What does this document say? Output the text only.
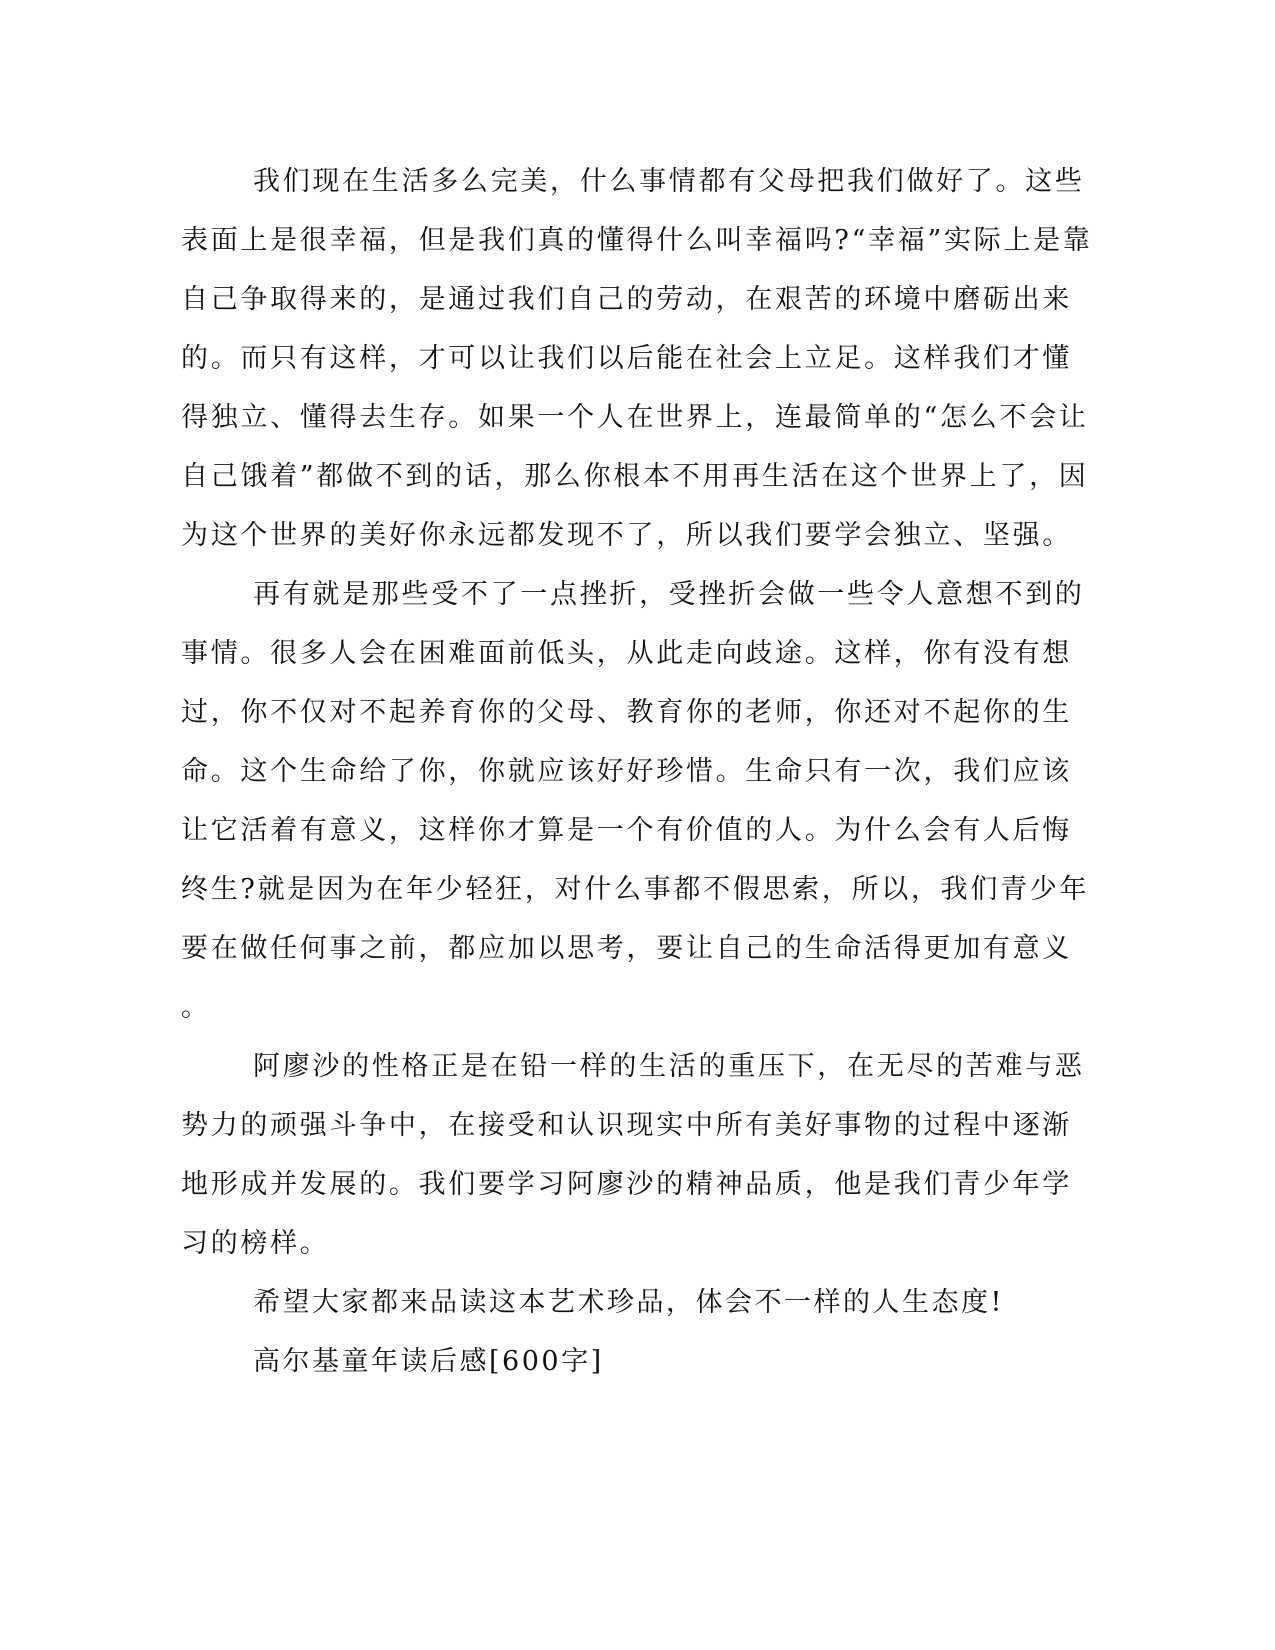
我们现在生活多么完美，什么事情都有父母把我们做好了。这些
表面上是很幸福，但是我们真的懂得什么叫幸福吗?“幸福”实际上是靠
自己争取得来的，是通过我们自己的劳动，在艰苦的环境中磨砺出来
的。而只有这样，才可以让我们以后能在社会上立足。这样我们才懂
得独立、懂得去生存。如果一个人在世界上，连最简单的“怎么不会让
自己饿着”都做不到的话，那么你根本不用再生活在这个世界上了，因
为这个世界的美好你永远都发现不了，所以我们要学会独立、坚强。
再有就是那些受不了一点挫折，受挫折会做一些令人意想不到的
事情。很多人会在困难面前低头，从此走向歧途。这样，你有没有想
过，你不仅对不起养育你的父母、教育你的老师，你还对不起你的生
命。这个生命给了你，你就应该好好珍惜。生命只有一次，我们应该
让它活着有意义，这样你才算是一个有价值的人。为什么会有人后悔
终生?就是因为在年少轻狂，对什么事都不假思索，所以，我们青少年
要在做任何事之前，都应加以思考，要让自己的生命活得更加有意义
。
阿廖沙的性格正是在铅一样的生活的重压下，在无尽的苦难与恶
势力的顽强斗争中，在接受和认识现实中所有美好事物的过程中逐渐
地形成并发展的。我们要学习阿廖沙的精神品质，他是我们青少年学
习的榜样。
希望大家都来品读这本艺术珍品，体会不一样的人生态度!
高尔基童年读后感[600字]
